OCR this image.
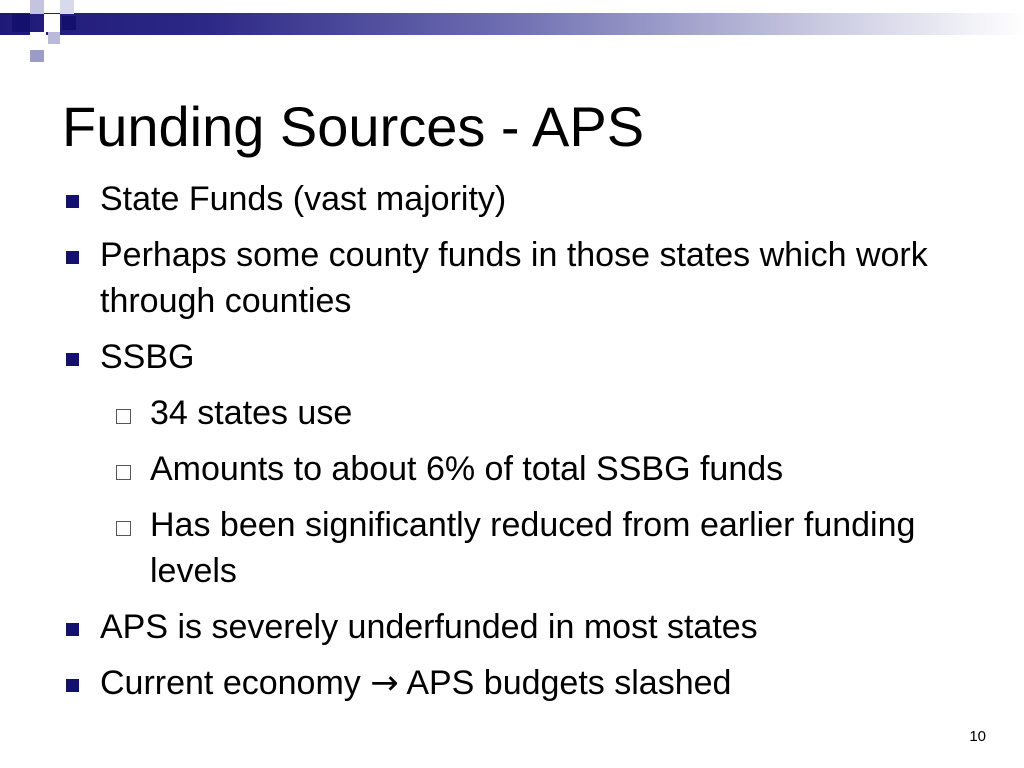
Funding Sources - APS
State Funds (vast majority)
Perhaps some county funds in those states which work through counties
SSBG
34 states use
Amounts to about 6% of total SSBG funds
Has been significantly reduced from earlier funding levels
APS is severely underfunded in most states
Current economy → APS budgets slashed
10
